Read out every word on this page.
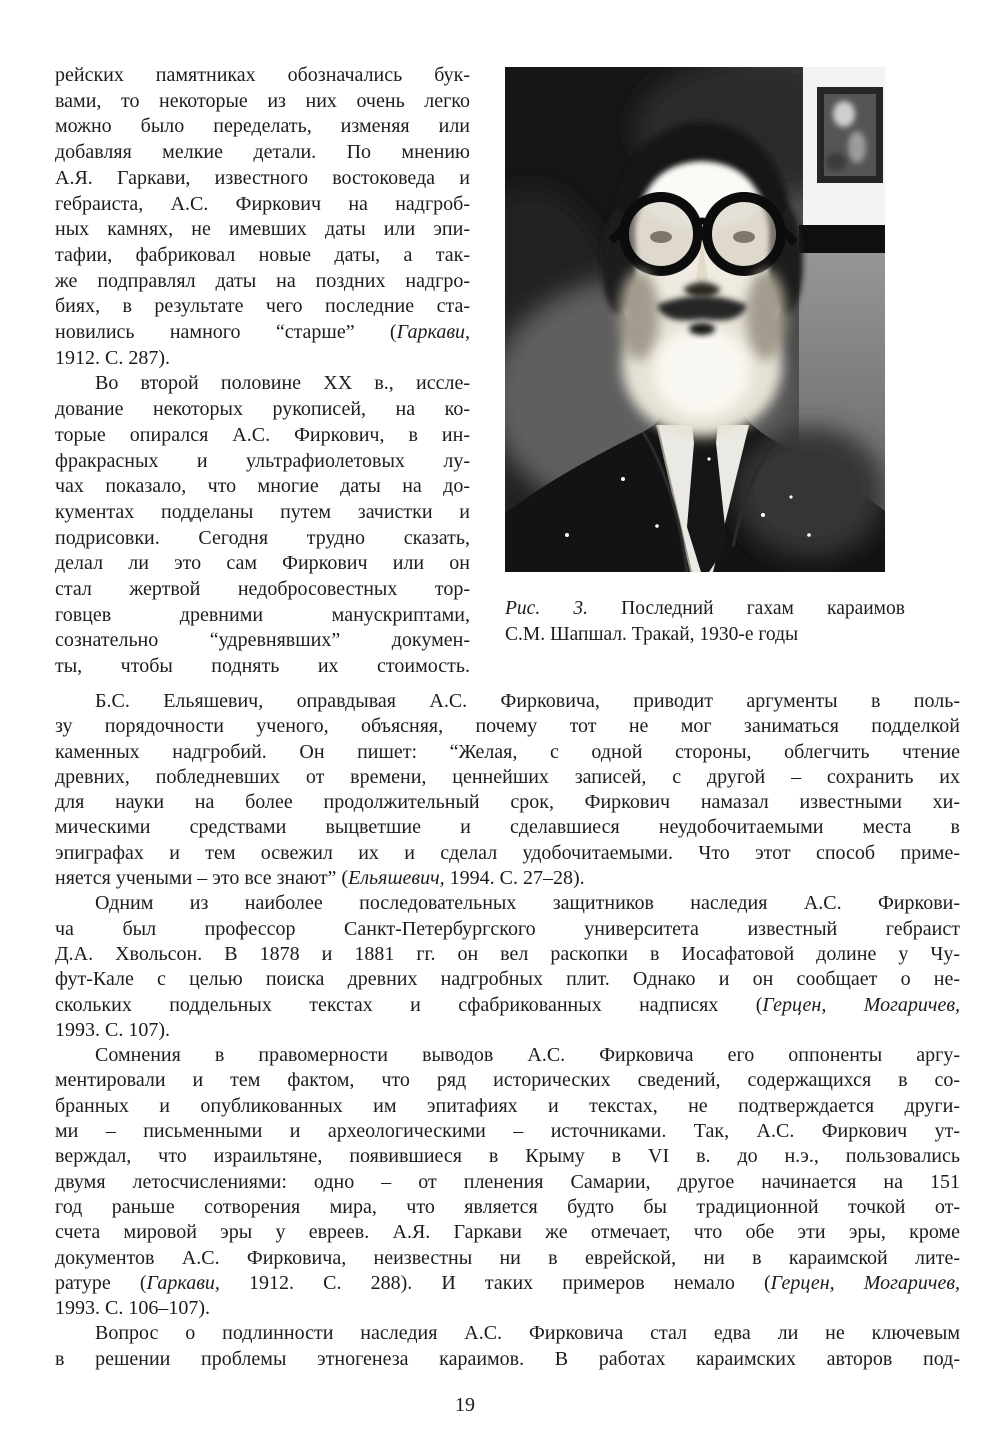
рейских памятниках обозначались бук-
вами, то некоторые из них очень легко
можно было переделать, изменяя или
добавляя мелкие детали. По мнению
А.Я. Гаркави, известного востоковеда и
гебраиста, А.С. Фиркович на надгроб-
ных камнях, не имевших даты или эпи-
тафии, фабриковал новые даты, а так-
же подправлял даты на поздних надгро-
биях, в результате чего последние ста-
новились намного “старше” (Гаркави,
1912. С. 287).
Во второй половине XX в., иссле-
дование некоторых рукописей, на ко-
торые опирался А.С. Фиркович, в ин-
фракрасных и ультрафиолетовых лу-
чах показало, что многие даты на до-
кументах подделаны путем зачистки и
подрисовки. Сегодня трудно сказать,
делал ли это сам Фиркович или он
стал жертвой недобросовестных тор-
говцев древними манускриптами,
сознательно “удревнявших” докумен-
ты, чтобы поднять их стоимость.
Рис. 3. Последний гахам караимов
С.М. Шапшал. Тракай, 1930-е годы
Б.С. Ельяшевич, оправдывая А.С. Фирковича, приводит аргументы в поль-
зу порядочности ученого, объясняя, почему тот не мог заниматься подделкой
каменных надгробий. Он пишет: “Желая, с одной стороны, облегчить чтение
древних, побледневших от времени, ценнейших записей, с другой – сохранить их
для науки на более продолжительный срок, Фиркович намазал известными хи-
мическими средствами выцветшие и сделавшиеся неудобочитаемыми места в
эпиграфах и тем освежил их и сделал удобочитаемыми. Что этот способ приме-
няется учеными – это все знают” (Ельяшевич, 1994. С. 27–28).
Одним из наиболее последовательных защитников наследия А.С. Фиркови-
ча был профессор Санкт-Петербургского университета известный гебраист
Д.А. Хвольсон. В 1878 и 1881 гг. он вел раскопки в Иосафатовой долине у Чу-
фут-Кале с целью поиска древних надгробных плит. Однако и он сообщает о не-
скольких поддельных текстах и сфабрикованных надписях (Герцен, Могаричев,
1993. С. 107).
Сомнения в правомерности выводов А.С. Фирковича его оппоненты аргу-
ментировали и тем фактом, что ряд исторических сведений, содержащихся в со-
бранных и опубликованных им эпитафиях и текстах, не подтверждается други-
ми – письменными и археологическими – источниками. Так, А.С. Фиркович ут-
верждал, что израильтяне, появившиеся в Крыму в VI в. до н.э., пользовались
двумя летосчислениями: одно – от пленения Самарии, другое начинается на 151
год раньше сотворения мира, что является будто бы традиционной точкой от-
счета мировой эры у евреев. А.Я. Гаркави же отмечает, что обе эти эры, кроме
документов А.С. Фирковича, неизвестны ни в еврейской, ни в караимской лите-
ратуре (Гаркави, 1912. С. 288). И таких примеров немало (Герцен, Могаричев,
1993. С. 106–107).
Вопрос о подлинности наследия А.С. Фирковича стал едва ли не ключевым
в решении проблемы этногенеза караимов. В работах караимских авторов под-
19
